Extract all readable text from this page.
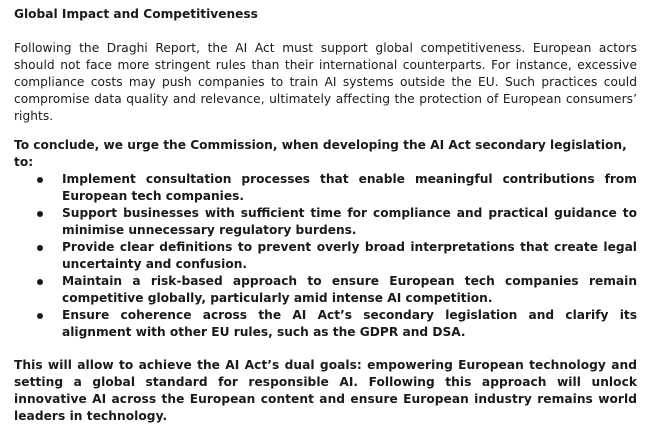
Global Impact and Competitiveness

Following the Draghi Report, the AI Act must support global competitiveness. European actors should not face more stringent rules than their international counterparts. For instance, excessive compliance costs may push companies to train AI systems outside the EU. Such practices could compromise data quality and relevance, ultimately affecting the protection of European consumers’ rights.

To conclude, we urge the Commission, when developing the AI Act secondary legislation, to:

Implement consultation processes that enable meaningful contributions from European tech companies.
Support businesses with sufficient time for compliance and practical guidance to minimise unnecessary regulatory burdens.
Provide clear definitions to prevent overly broad interpretations that create legal uncertainty and confusion.
Maintain a risk-based approach to ensure European tech companies remain competitive globally, particularly amid intense AI competition.
Ensure coherence across the AI Act’s secondary legislation and clarify its alignment with other EU rules, such as the GDPR and DSA.

This will allow to achieve the AI Act’s dual goals: empowering European technology and setting a global standard for responsible AI. Following this approach will unlock innovative AI across the European content and ensure European industry remains world leaders in technology.
